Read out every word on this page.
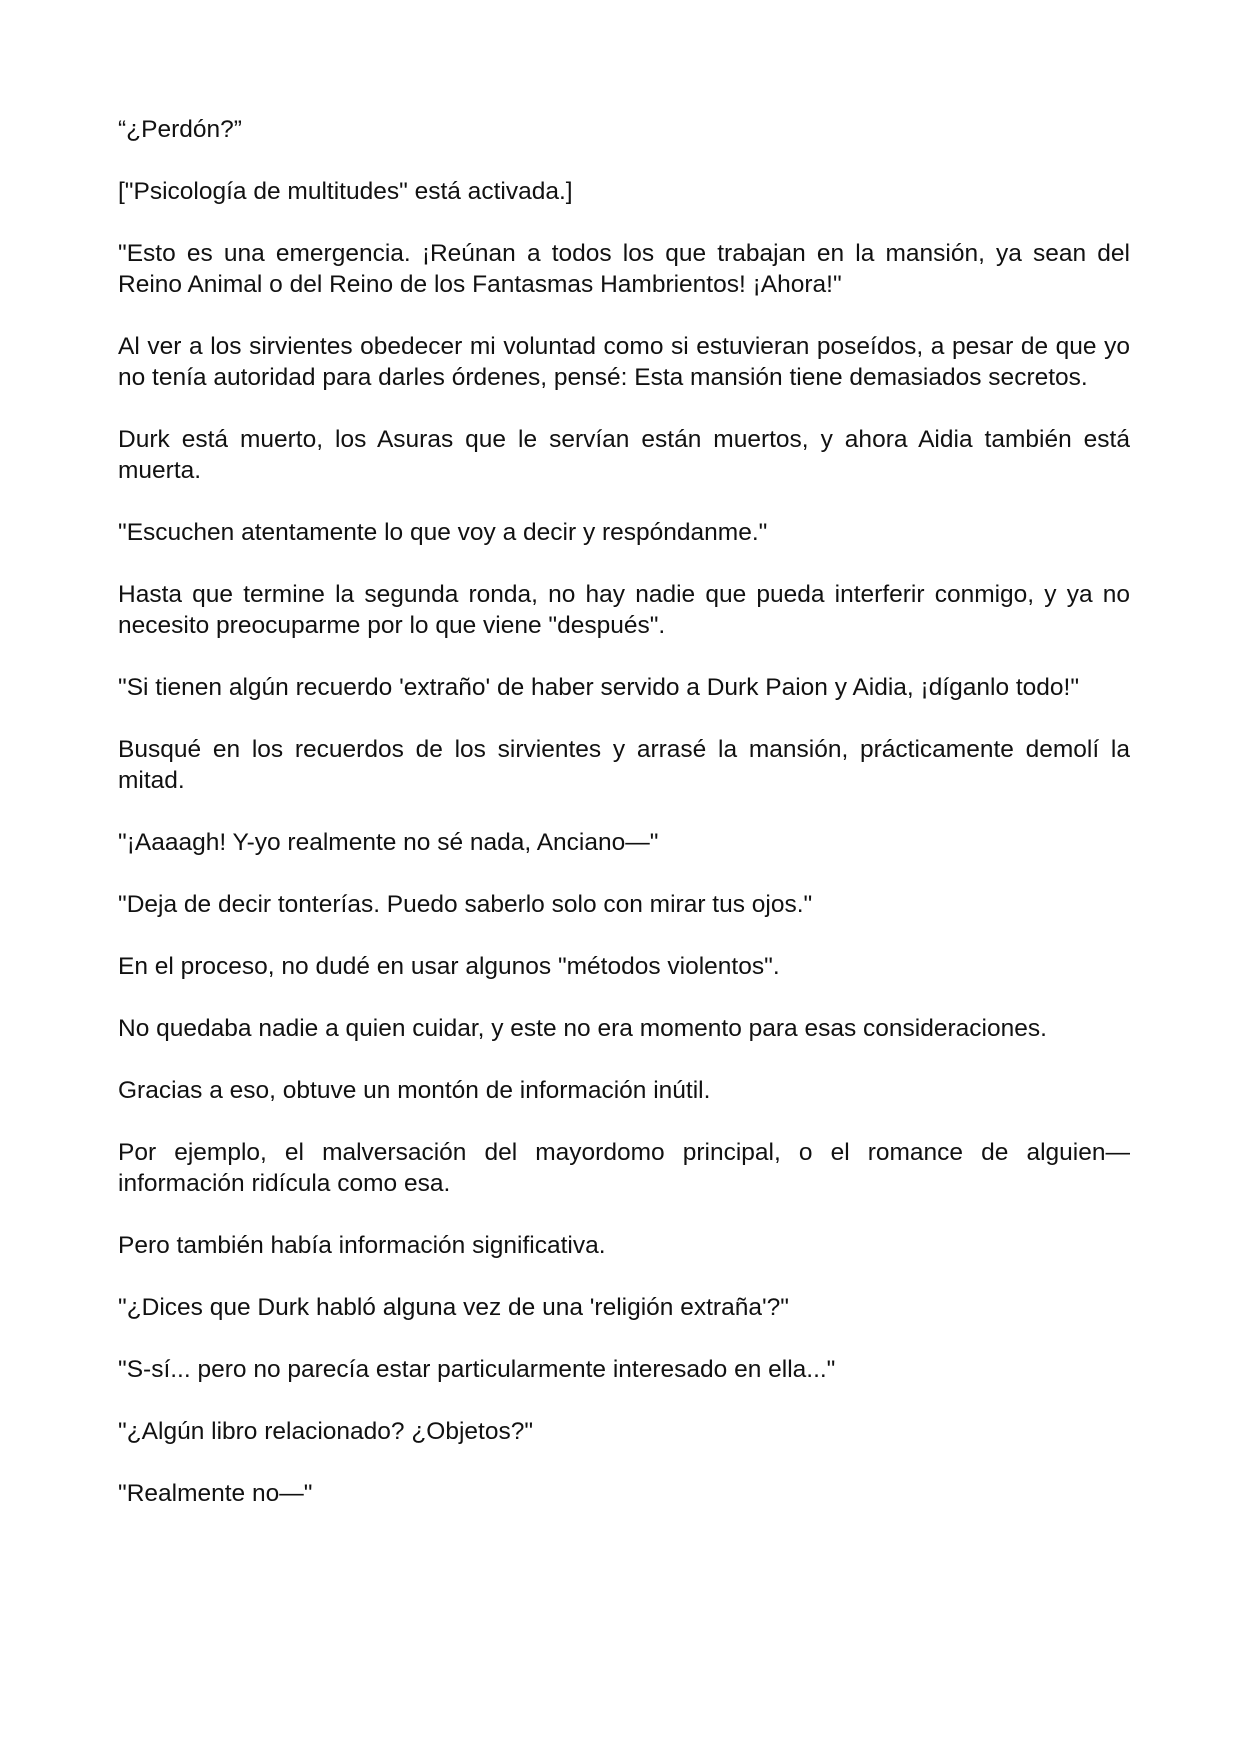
“¿Perdón?”

["Psicología de multitudes" está activada.]

"Esto es una emergencia. ¡Reúnan a todos los que trabajan en la mansión, ya sean del Reino Animal o del Reino de los Fantasmas Hambrientos! ¡Ahora!"

Al ver a los sirvientes obedecer mi voluntad como si estuvieran poseídos, a pesar de que yo no tenía autoridad para darles órdenes, pensé: Esta mansión tiene demasiados secretos.

Durk está muerto, los Asuras que le servían están muertos, y ahora Aidia también está muerta.

"Escuchen atentamente lo que voy a decir y respóndanme."

Hasta que termine la segunda ronda, no hay nadie que pueda interferir conmigo, y ya no necesito preocuparme por lo que viene "después".

"Si tienen algún recuerdo 'extraño' de haber servido a Durk Paion y Aidia, ¡díganlo todo!"

Busqué en los recuerdos de los sirvientes y arrasé la mansión, prácticamente demolí la mitad.

"¡Aaaagh! Y-yo realmente no sé nada, Anciano—"

"Deja de decir tonterías. Puedo saberlo solo con mirar tus ojos."

En el proceso, no dudé en usar algunos "métodos violentos".

No quedaba nadie a quien cuidar, y este no era momento para esas consideraciones.

Gracias a eso, obtuve un montón de información inútil.

Por ejemplo, el malversación del mayordomo principal, o el romance de alguien—información ridícula como esa.

Pero también había información significativa.

"¿Dices que Durk habló alguna vez de una 'religión extraña'?"

"S-sí... pero no parecía estar particularmente interesado en ella..."

"¿Algún libro relacionado? ¿Objetos?"

"Realmente no—"
